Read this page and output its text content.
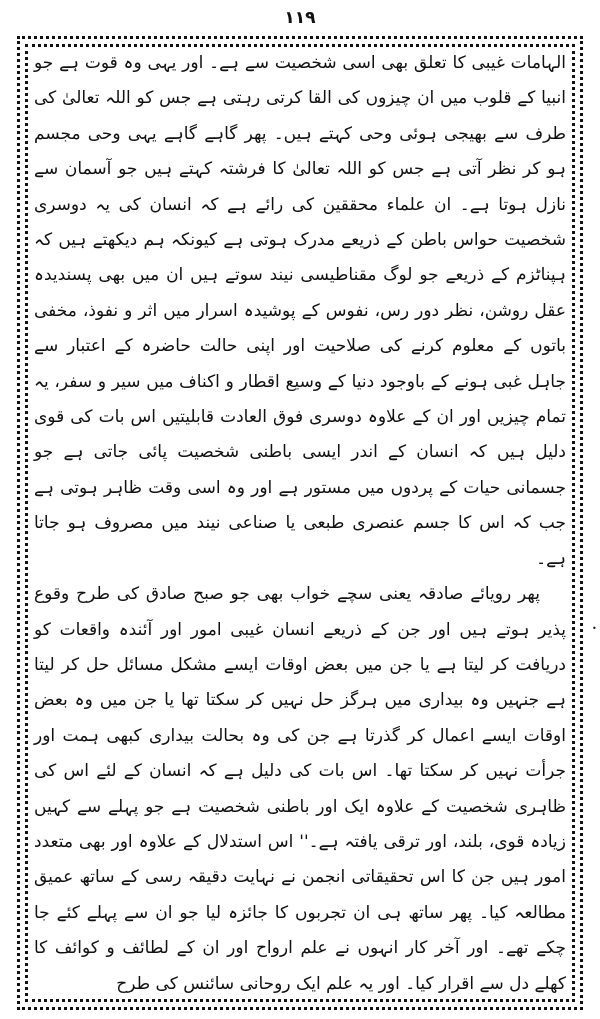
۱۱۹

الہامات غیبی کا تعلق بھی اسی شخصیت سے ہے۔ اور یہی وہ قوت ہے جو انبیا کے قلوب میں ان چیزوں کی القا کرتی رہتی ہے جس کو اللہ تعالیٰ کی طرف سے بھیجی ہوئی وحی کہتے ہیں۔ پھر گاہے گاہے یہی وحی مجسم ہو کر نظر آتی ہے جس کو اللہ تعالیٰ کا فرشتہ کہتے ہیں جو آسمان سے نازل ہوتا ہے۔ ان علماء محققین کی رائے ہے کہ انسان کی یہ دوسری شخصیت حواس باطن کے ذریعے مدرک ہوتی ہے کیونکہ ہم دیکھتے ہیں کہ ہپناٹزم کے ذریعے جو لوگ مقناطیسی نیند سوتے ہیں ان میں بھی پسندیدہ عقل روشن، نظر دور رس، نفوس کے پوشیدہ اسرار میں اثر و نفوذ، مخفی باتوں کے معلوم کرنے کی صلاحیت اور اپنی حالت حاضرہ کے اعتبار سے جاہل غبی ہونے کے باوجود دنیا کے وسیع اقطار و اکناف میں سیر و سفر، یہ تمام چیزیں اور ان کے علاوہ دوسری فوق العادت قابلیتیں اس بات کی قوی دلیل ہیں کہ انسان کے اندر ایسی باطنی شخصیت پائی جاتی ہے جو جسمانی حیات کے پردوں میں مستور ہے اور وہ اسی وقت ظاہر ہوتی ہے جب کہ اس کا جسم عنصری طبعی یا صناعی نیند میں مصروف ہو جاتا ہے۔

پھر رویائے صادقہ یعنی سچے خواب بھی جو صبح صادق کی طرح وقوع پذیر ہوتے ہیں اور جن کے ذریعے انسان غیبی امور اور آئندہ واقعات کو دریافت کر لیتا ہے یا جن میں بعض اوقات ایسے مشکل مسائل حل کر لیتا ہے جنہیں وہ بیداری میں ہرگز حل نہیں کر سکتا تھا یا جن میں وہ بعض اوقات ایسے اعمال کر گذرتا ہے جن کی وہ بحالت بیداری کبھی ہمت اور جرأت نہیں کر سکتا تھا۔ اس بات کی دلیل ہے کہ انسان کے لئے اس کی ظاہری شخصیت کے علاوہ ایک اور باطنی شخصیت ہے جو پہلے سے کہیں زیادہ قوی، بلند، اور ترقی یافتہ ہے۔'' اس استدلال کے علاوہ اور بھی متعدد امور ہیں جن کا اس تحقیقاتی انجمن نے نہایت دقیقہ رسی کے ساتھ عمیق مطالعہ کیا۔ پھر ساتھ ہی ان تجربوں کا جائزہ لیا جو ان سے پہلے کئے جا چکے تھے۔ اور آخر کار انہوں نے علم ارواح اور ان کے لطائف و کوائف کا کھلے دل سے اقرار کیا۔ اور یہ علم ایک روحانی سائنس کی طرح

•
